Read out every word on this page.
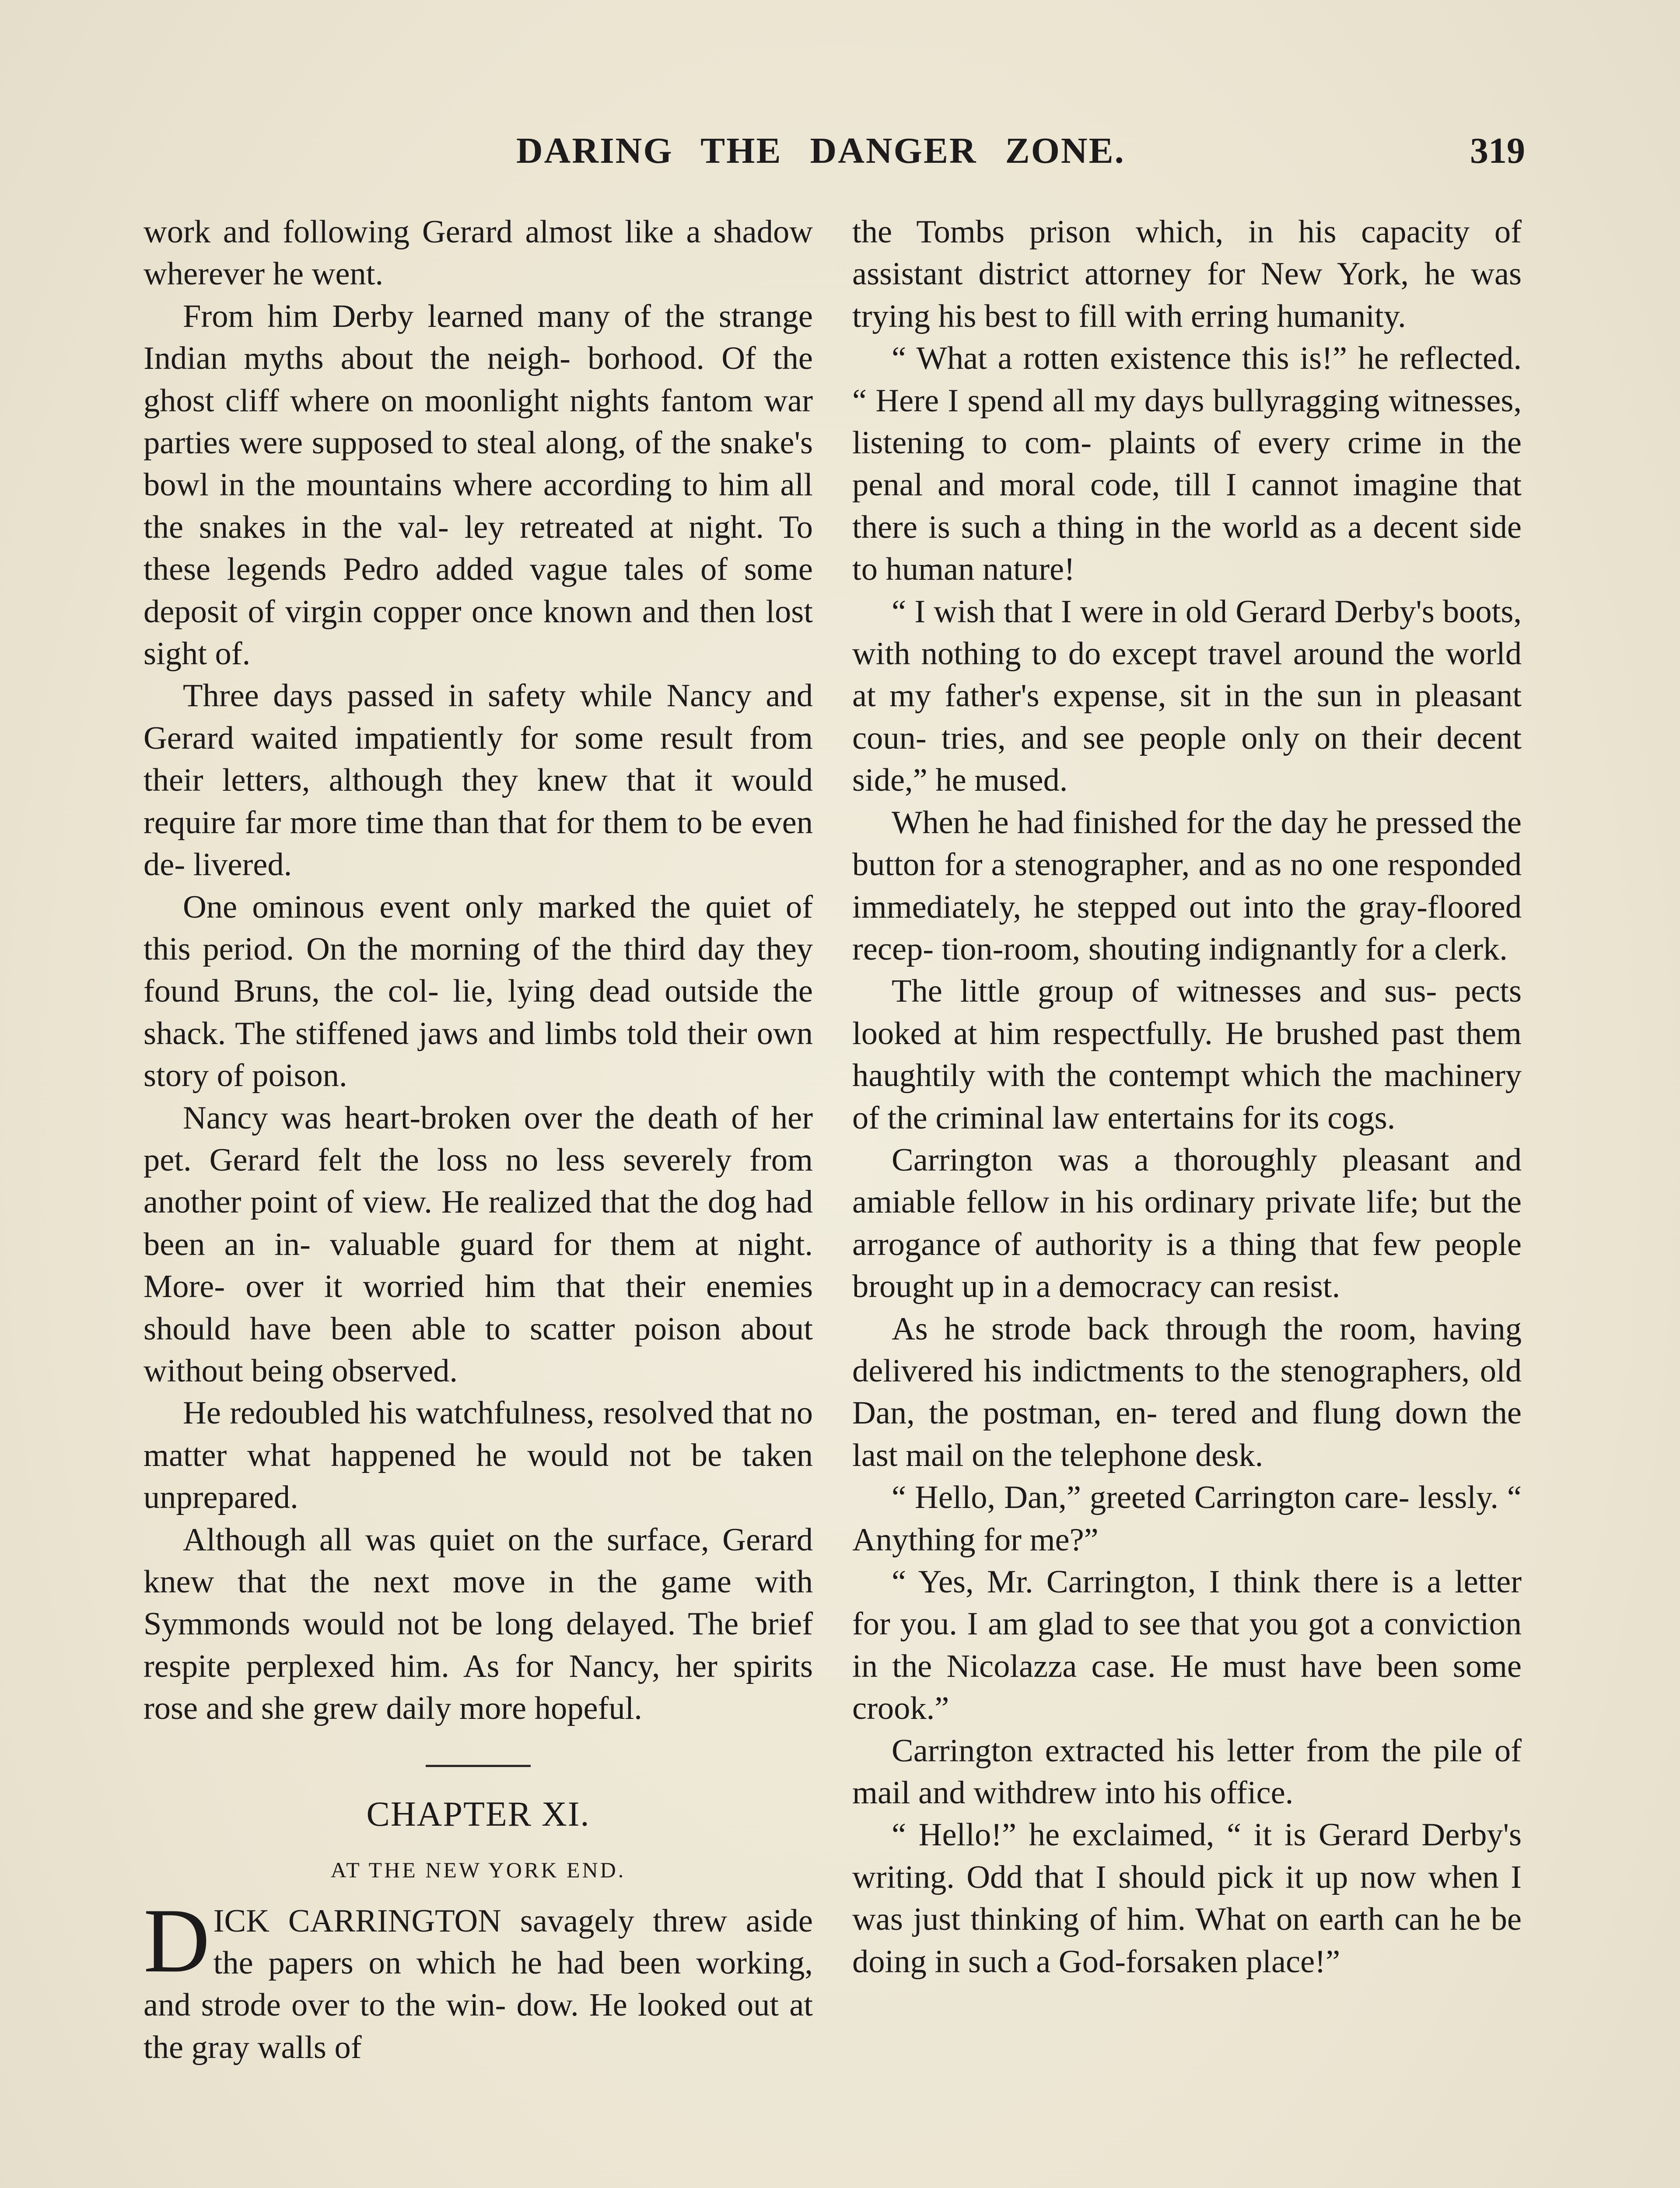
DARING THE DANGER ZONE.	319

work and following Gerard almost like a shadow wherever he went.

From him Derby learned many of the strange Indian myths about the neigh- borhood. Of the ghost cliff where on moonlight nights fantom war parties were supposed to steal along, of the snake's bowl in the mountains where according to him all the snakes in the val- ley retreated at night. To these legends Pedro added vague tales of some deposit of virgin copper once known and then lost sight of.

Three days passed in safety while Nancy and Gerard waited impatiently for some result from their letters, although they knew that it would require far more time than that for them to be even de- livered.

One ominous event only marked the quiet of this period. On the morning of the third day they found Bruns, the col- lie, lying dead outside the shack. The stiffened jaws and limbs told their own story of poison.

Nancy was heart-broken over the death of her pet. Gerard felt the loss no less severely from another point of view. He realized that the dog had been an in- valuable guard for them at night. More- over it worried him that their enemies should have been able to scatter poison about without being observed.

He redoubled his watchfulness, resolved that no matter what happened he would not be taken unprepared.

Although all was quiet on the surface, Gerard knew that the next move in the game with Symmonds would not be long delayed. The brief respite perplexed him. As for Nancy, her spirits rose and she grew daily more hopeful.

CHAPTER XI.
AT THE NEW YORK END.

DICK CARRINGTON savagely threw aside the papers on which he had been working, and strode over to the win- dow. He looked out at the gray walls of

the Tombs prison which, in his capacity of assistant district attorney for New York, he was trying his best to fill with erring humanity.

“ What a rotten existence this is!” he reflected. “ Here I spend all my days bullyragging witnesses, listening to com- plaints of every crime in the penal and moral code, till I cannot imagine that there is such a thing in the world as a decent side to human nature!

“ I wish that I were in old Gerard Derby's boots, with nothing to do except travel around the world at my father's expense, sit in the sun in pleasant coun- tries, and see people only on their decent side,” he mused.

When he had finished for the day he pressed the button for a stenographer, and as no one responded immediately, he stepped out into the gray-floored recep- tion-room, shouting indignantly for a clerk.

The little group of witnesses and sus- pects looked at him respectfully. He brushed past them haughtily with the contempt which the machinery of the criminal law entertains for its cogs.

Carrington was a thoroughly pleasant and amiable fellow in his ordinary private life; but the arrogance of authority is a thing that few people brought up in a democracy can resist.

As he strode back through the room, having delivered his indictments to the stenographers, old Dan, the postman, en- tered and flung down the last mail on the telephone desk.

“ Hello, Dan,” greeted Carrington care- lessly. “ Anything for me?”

“ Yes, Mr. Carrington, I think there is a letter for you. I am glad to see that you got a conviction in the Nicolazza case. He must have been some crook.”

Carrington extracted his letter from the pile of mail and withdrew into his office.

“ Hello!” he exclaimed, “ it is Gerard Derby's writing. Odd that I should pick it up now when I was just thinking of him. What on earth can he be doing in such a God-forsaken place!”
